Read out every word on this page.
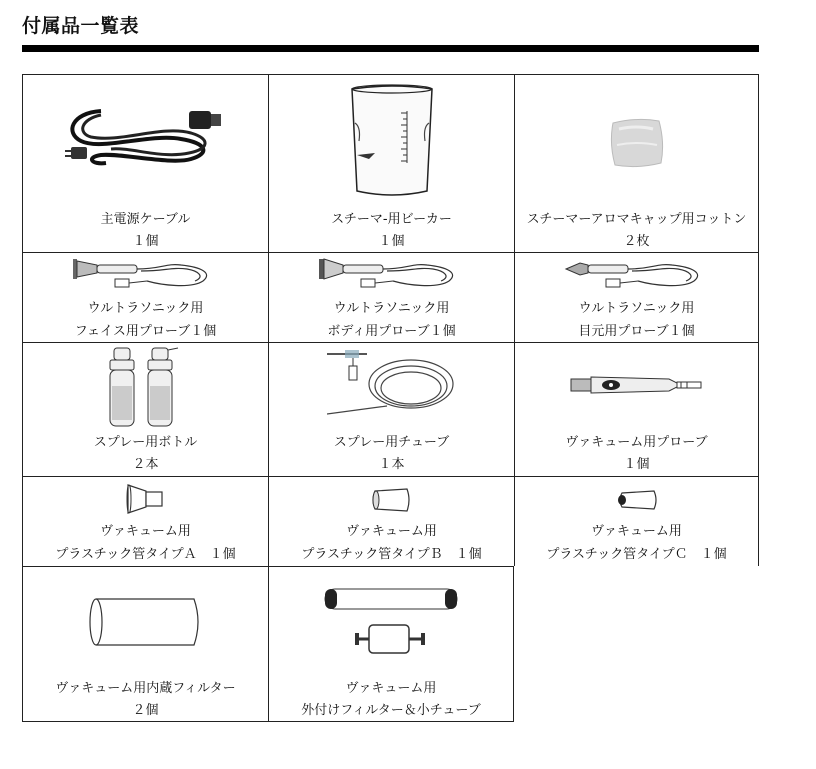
付属品一覧表
主電源ケーブル
１個
スチーマ-用ビーカー
１個
スチーマーアロマキャップ用コットン
２枚
ウルトラソニック用
フェイス用プローブ１個
ウルトラソニック用
ボディ用プローブ１個
ウルトラソニック用
目元用プローブ１個
スプレー用ボトル
２本
スプレー用チューブ
１本
ヴァキューム用プローブ
１個
ヴァキューム用
プラスチック管タイプＡ　１個
ヴァキューム用
プラスチック管タイプＢ　１個
ヴァキューム用
プラスチック管タイプＣ　１個
ヴァキューム用内蔵フィルター
２個
ヴァキューム用
外付けフィルター＆小チューブ
